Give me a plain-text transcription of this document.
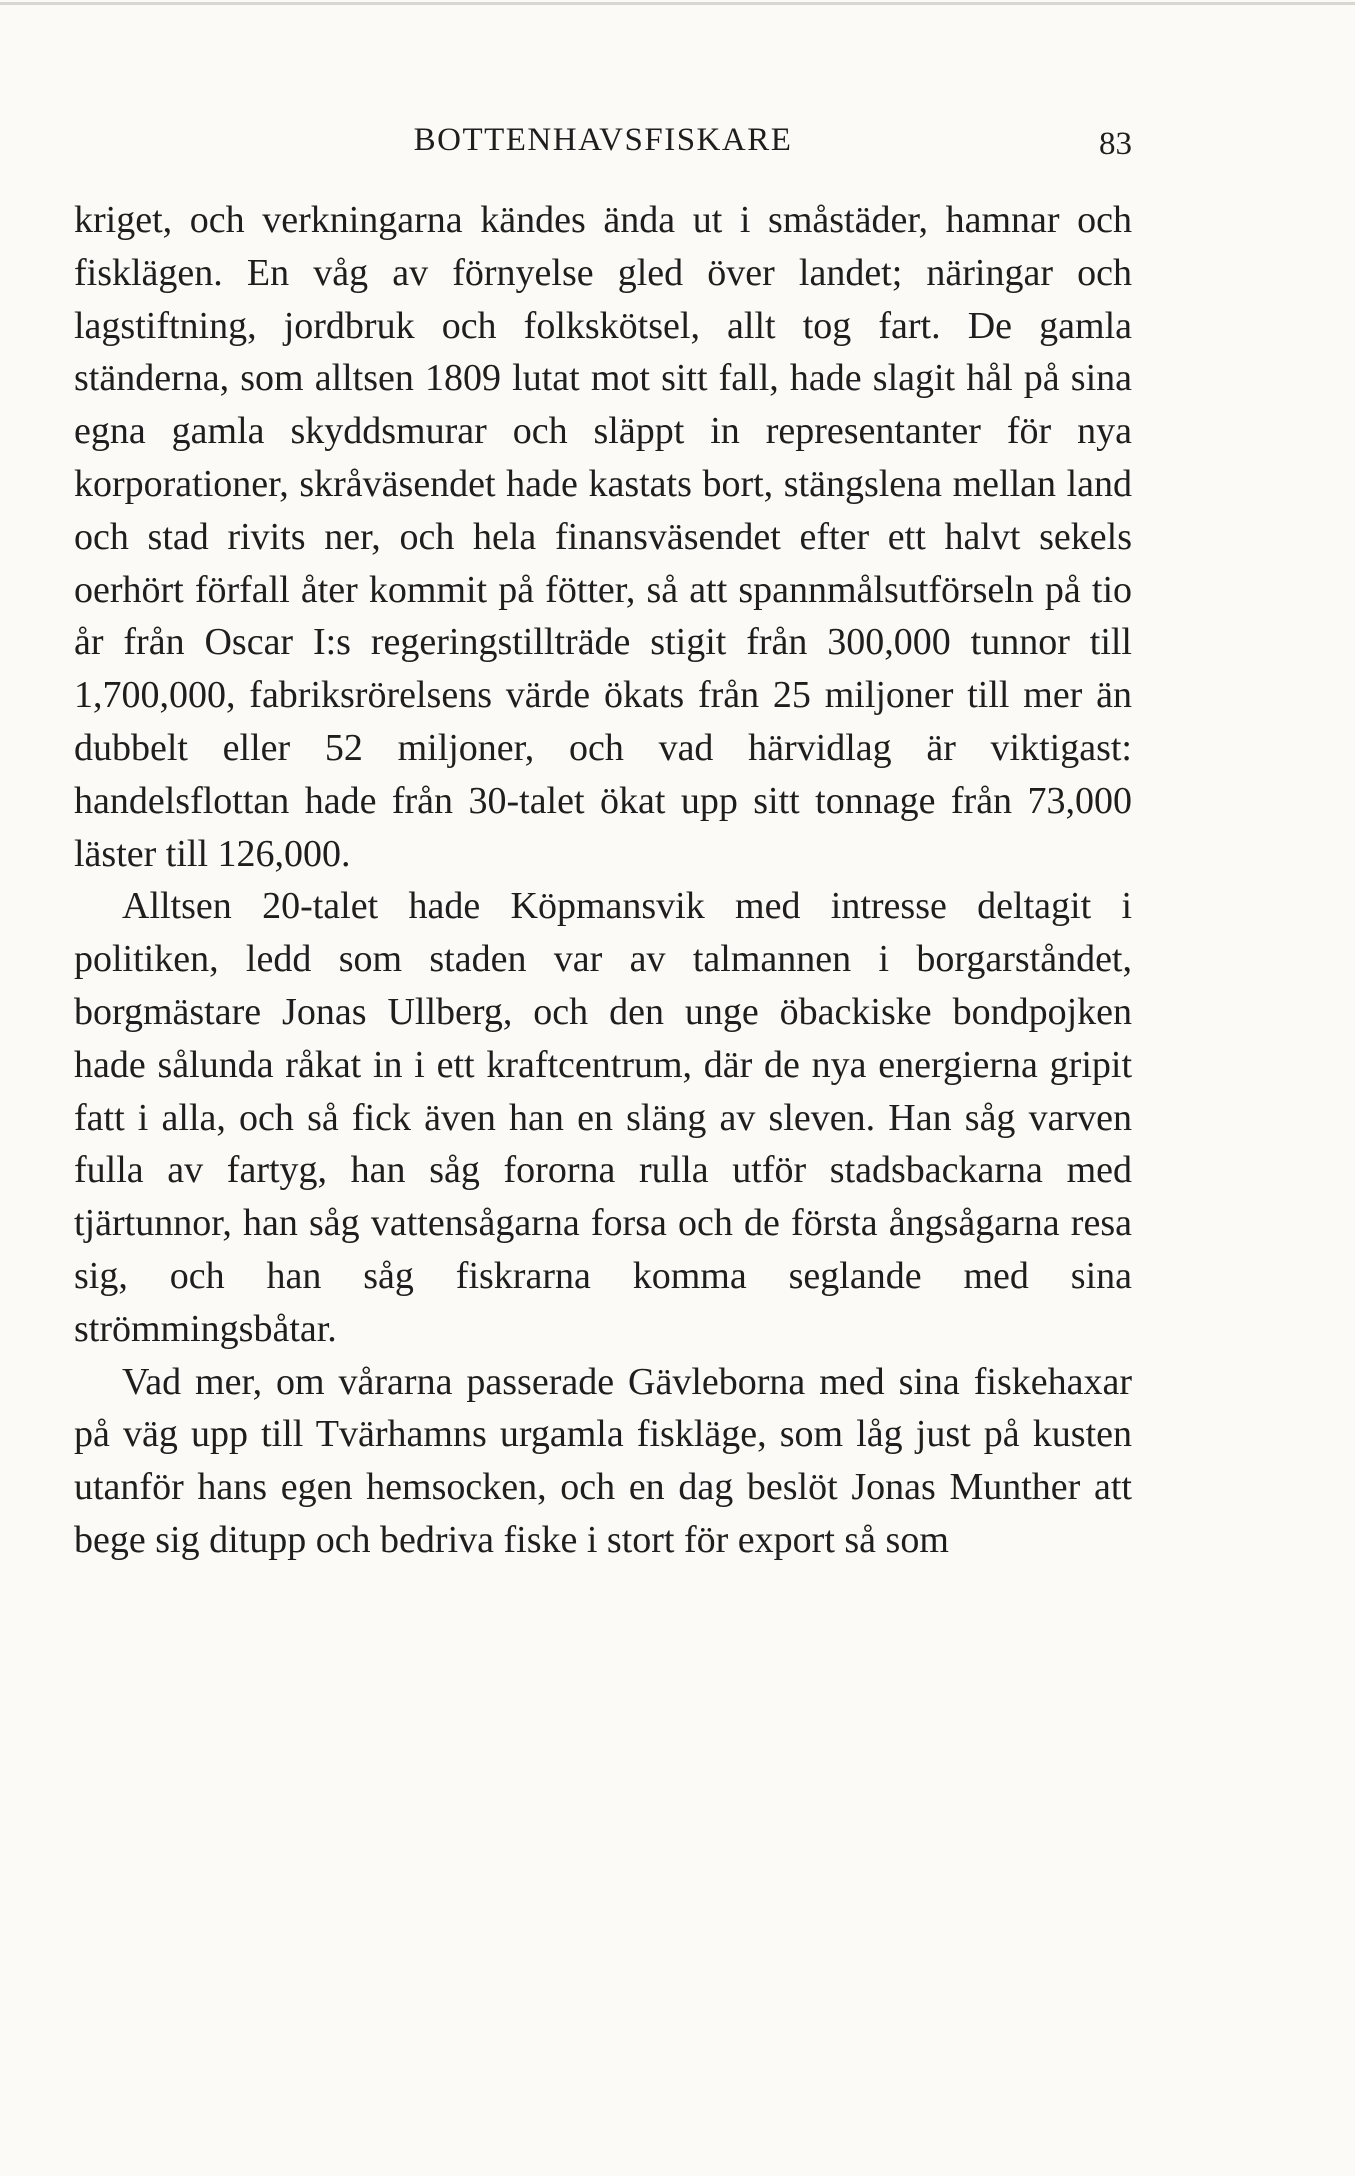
BOTTENHAVSFISKARE	83

kriget, och verkningarna kändes ända ut i småstäder, hamnar och fisklägen. En våg av förnyelse gled över landet; näringar och lagstiftning, jordbruk och folkskötsel, allt tog fart. De gamla ständerna, som alltsen 1809 lutat mot sitt fall, hade slagit hål på sina egna gamla skyddsmurar och släppt in representanter för nya korporationer, skråväsendet hade kastats bort, stängslena mellan land och stad rivits ner, och hela finansväsendet efter ett halvt sekels oerhört förfall åter kommit på fötter, så att spannmålsutförseln på tio år från Oscar I:s regeringstillträde stigit från 300,000 tunnor till 1,700,000, fabriksrörelsens värde ökats från 25 miljoner till mer än dubbelt eller 52 miljoner, och vad härvidlag är viktigast: handelsflottan hade från 30-talet ökat upp sitt tonnage från 73,000 läster till 126,000.

Alltsen 20-talet hade Köpmansvik med intresse deltagit i politiken, ledd som staden var av talmannen i borgarståndet, borgmästare Jonas Ullberg, och den unge öbackiske bondpojken hade sålunda råkat in i ett kraftcentrum, där de nya energierna gripit fatt i alla, och så fick även han en släng av sleven. Han såg varven fulla av fartyg, han såg fororna rulla utför stadsbackarna med tjärtunnor, han såg vattensågarna forsa och de första ångsågarna resa sig, och han såg fiskrarna komma seglande med sina strömmingsbåtar.

Vad mer, om vårarna passerade Gävleborna med sina fiskehaxar på väg upp till Tvärhamns urgamla fiskläge, som låg just på kusten utanför hans egen hemsocken, och en dag beslöt Jonas Munther att bege sig ditupp och bedriva fiske i stort för export så som
